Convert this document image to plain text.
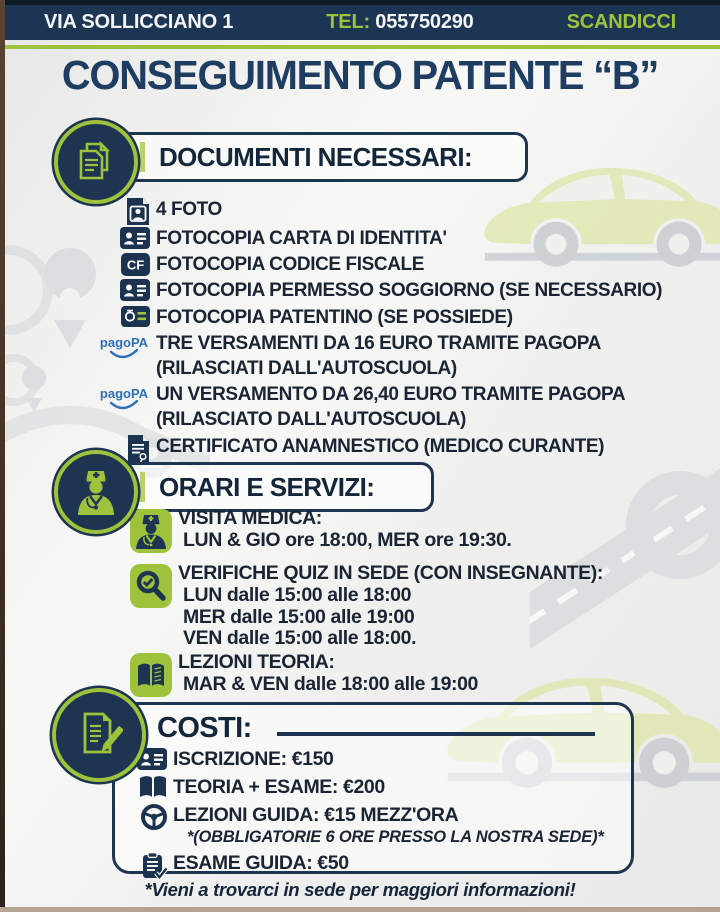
VIA SOLLICCIANO 1	TEL: 055750290	SCANDICCI
CONSEGUIMENTO PATENTE “B”
DOCUMENTI NECESSARI:
4 FOTO
FOTOCOPIA CARTA DI IDENTITA'
CF FOTOCOPIA CODICE FISCALE
FOTOCOPIA PERMESSO SOGGIORNO (SE NECESSARIO)
FOTOCOPIA PATENTINO (SE POSSIEDE)
pagoPA TRE VERSAMENTI DA 16 EURO TRAMITE PAGOPA
(RILASCIATI DALL'AUTOSCUOLA)
pagoPA UN VERSAMENTO DA 26,40 EURO TRAMITE PAGOPA
(RILASCIATO DALL'AUTOSCUOLA)
CERTIFICATO ANAMNESTICO (MEDICO CURANTE)
ORARI E SERVIZI:
VISITA MEDICA:
LUN & GIO ore 18:00, MER ore 19:30.
VERIFICHE QUIZ IN SEDE (CON INSEGNANTE):
LUN dalle 15:00 alle 18:00
MER dalle 15:00 alle 19:00
VEN dalle 15:00 alle 18:00.
LEZIONI TEORIA:
MAR & VEN dalle 18:00 alle 19:00
COSTI:
ISCRIZIONE: €150
TEORIA + ESAME: €200
LEZIONI GUIDA: €15 MEZZ'ORA
*(OBBLIGATORIE 6 ORE PRESSO LA NOSTRA SEDE)*
ESAME GUIDA: €50
*Vieni a trovarci in sede per maggiori informazioni!
